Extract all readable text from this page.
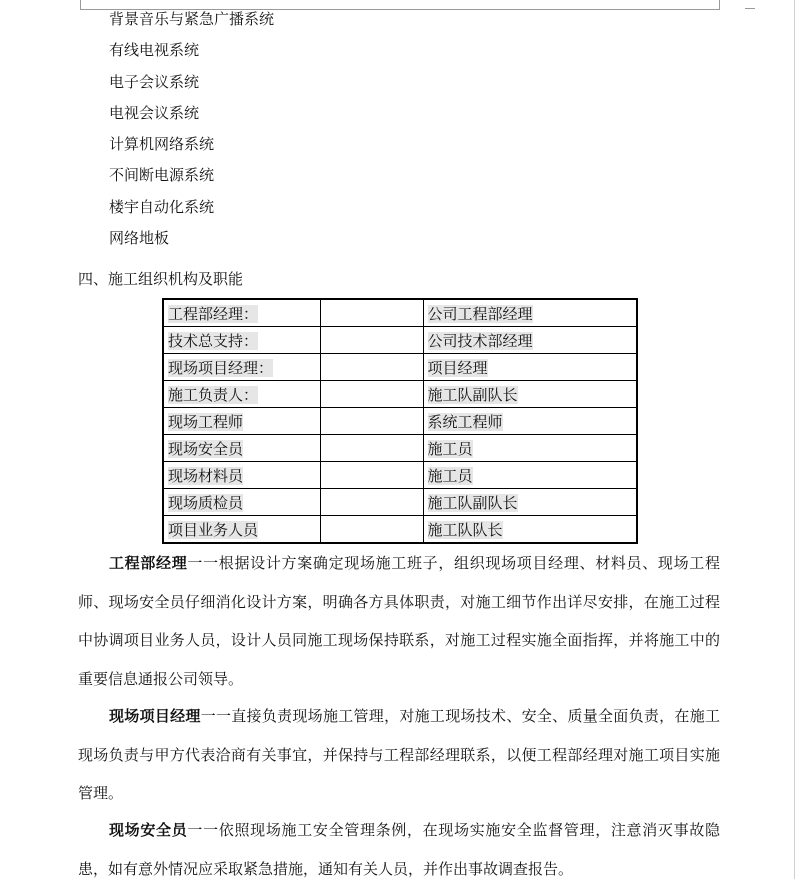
背景音乐与紧急广播系统
有线电视系统
电子会议系统
电视会议系统
计算机网络系统
不间断电源系统
楼宇自动化系统
网络地板
四、施工组织机构及职能
工程部经理：		公司工程部经理
技术总支持：		公司技术部经理
现场项目经理：		项目经理
施工负责人：		施工队副队长
现场工程师		系统工程师
现场安全员		施工员
现场材料员		施工员
现场质检员		施工队副队长
项目业务人员		施工队队长

工程部经理一一根据设计方案确定现场施工班子，组织现场项目经理、材料员、现场工程师、现场安全员仔细消化设计方案，明确各方具体职责，对施工细节作出详尽安排，在施工过程中协调项目业务人员，设计人员同施工现场保持联系，对施工过程实施全面指挥，并将施工中的重要信息通报公司领导。

现场项目经理一一直接负责现场施工管理，对施工现场技术、安全、质量全面负责，在施工现场负责与甲方代表洽商有关事宜，并保持与工程部经理联系，以便工程部经理对施工项目实施管理。

现场安全员一一依照现场施工安全管理条例，在现场实施安全监督管理，注意消灭事故隐患，如有意外情况应采取紧急措施，通知有关人员，并作出事故调查报告。
